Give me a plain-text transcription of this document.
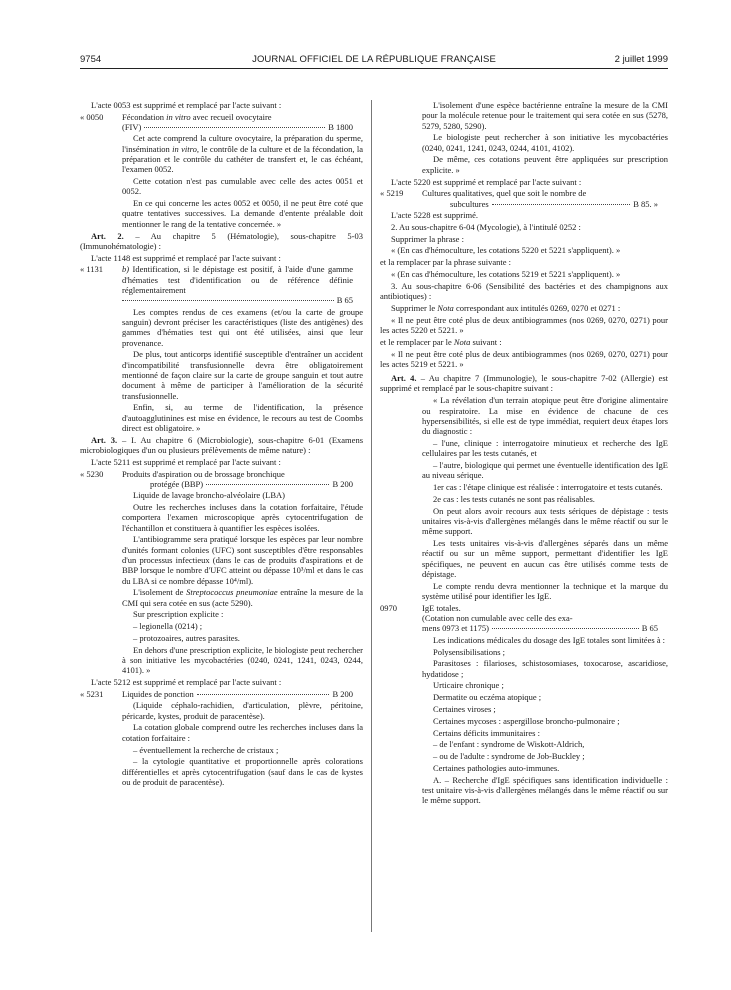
9754	JOURNAL OFFICIEL DE LA RÉPUBLIQUE FRANÇAISE	2 juillet 1999

L'acte 0053 est supprimé et remplacé par l'acte suivant :

« 0050	Fécondation in vitro avec recueil ovocytaire
(FIV)	B 1800

Cet acte comprend la culture ovocytaire, la préparation du sperme, l'insémination in vitro, le contrôle de la culture et de la fécondation, la préparation et le contrôle du cathéter de transfert et, le cas échéant, l'examen 0052.

Cette cotation n'est pas cumulable avec celle des actes 0051 et 0052.

En ce qui concerne les actes 0052 et 0050, il ne peut être coté que quatre tentatives successives. La demande d'entente préalable doit mentionner le rang de la tentative concernée. »

Art. 2. – Au chapitre 5 (Hématologie), sous-chapitre 5-03 (Immunohématologie) :

L'acte 1148 est supprimé et remplacé par l'acte suivant :

« 1131	b) Identification, si le dépistage est positif, à l'aide d'une gamme d'hématies test d'identification ou de référence définie réglementairement
B 65

Les comptes rendus de ces examens (et/ou la carte de groupe sanguin) devront préciser les caractéristiques (liste des antigènes) des gammes d'hématies test qui ont été utilisées, ainsi que leur provenance.

De plus, tout anticorps identifié susceptible d'entraîner un accident d'incompatibilité transfusionnelle devra être obligatoirement mentionné de façon claire sur la carte de groupe sanguin et tout autre document à même de participer à l'amélioration de la sécurité transfusionnelle.

Enfin, si, au terme de l'identification, la présence d'autoagglutinines est mise en évidence, le recours au test de Coombs direct est obligatoire. »

Art. 3. – I. Au chapitre 6 (Microbiologie), sous-chapitre 6-01 (Examens microbiologiques d'un ou plusieurs prélèvements de même nature) :

L'acte 5211 est supprimé et remplacé par l'acte suivant :

« 5230	Produits d'aspiration ou de brossage bronchique
protégée (BBP)	B 200

Liquide de lavage broncho-alvéolaire (LBA)

Outre les recherches incluses dans la cotation forfaitaire, l'étude comportera l'examen microscopique après cytocentrifugation de l'échantillon et constituera à quantifier les espèces isolées.

L'antibiogramme sera pratiqué lorsque les espèces par leur nombre d'unités formant colonies (UFC) sont susceptibles d'être responsables d'un processus infectieux (dans le cas de produits d'aspirations et de BBP lorsque le nombre d'UFC atteint ou dépasse 10³/ml et dans le cas du LBA si ce nombre dépasse 10⁴/ml).

L'isolement de Streptococcus pneumoniae entraîne la mesure de la CMI qui sera cotée en sus (acte 5290).

Sur prescription explicite :

– legionella (0214) ;

– protozoaires, autres parasites.

En dehors d'une prescription explicite, le biologiste peut rechercher à son initiative les mycobactéries (0240, 0241, 1241, 0243, 0244, 4101). »

L'acte 5212 est supprimé et remplacé par l'acte suivant :

« 5231	Liquides de ponction	B 200

(Liquide céphalo-rachidien, d'articulation, plèvre, péritoine, péricarde, kystes, produit de paracentèse).

La cotation globale comprend outre les recherches incluses dans la cotation forfaitaire :

– éventuellement la recherche de cristaux ;

– la cytologie quantitative et proportionnelle après colorations différentielles et après cytocentrifugation (sauf dans le cas de kystes ou de produit de paracentèse).

L'isolement d'une espèce bactérienne entraîne la mesure de la CMI pour la molécule retenue pour le traitement qui sera cotée en sus (5278, 5279, 5280, 5290).

Le biologiste peut rechercher à son initiative les mycobactéries (0240, 0241, 1241, 0243, 0244, 4101, 4102).

De même, ces cotations peuvent être appliquées sur prescription explicite. »

L'acte 5220 est supprimé et remplacé par l'acte suivant :

« 5219	Cultures qualitatives, quel que soit le nombre de
subcultures	B 85. »

L'acte 5228 est supprimé.

2. Au sous-chapitre 6-04 (Mycologie), à l'intitulé 0252 :

Supprimer la phrase :

« (En cas d'hémoculture, les cotations 5220 et 5221 s'appliquent). »

et la remplacer par la phrase suivante :

« (En cas d'hémoculture, les cotations 5219 et 5221 s'appliquent). »

3. Au sous-chapitre 6-06 (Sensibilité des bactéries et des champignons aux antibiotiques) :

Supprimer le Nota correspondant aux intitulés 0269, 0270 et 0271 :

« Il ne peut être coté plus de deux antibiogrammes (nos 0269, 0270, 0271) pour les actes 5220 et 5221. »

et le remplacer par le Nota suivant :

« Il ne peut être coté plus de deux antibiogrammes (nos 0269, 0270, 0271) pour les actes 5219 et 5221. »

Art. 4. – Au chapitre 7 (Immunologie), le sous-chapitre 7-02 (Allergie) est supprimé et remplacé par le sous-chapitre suivant :

« La révélation d'un terrain atopique peut être d'origine alimentaire ou respiratoire. La mise en évidence de chacune de ces hypersensibilités, si elle est de type immédiat, requiert deux étapes lors du diagnostic :

– l'une, clinique : interrogatoire minutieux et recherche des IgE cellulaires par les tests cutanés, et

– l'autre, biologique qui permet une éventuelle identification des IgE au niveau sérique.

1er cas : l'étape clinique est réalisée : interrogatoire et tests cutanés.

2e cas : les tests cutanés ne sont pas réalisables.

On peut alors avoir recours aux tests sériques de dépistage : tests unitaires vis-à-vis d'allergènes mélangés dans le même réactif ou sur le même support.

Les tests unitaires vis-à-vis d'allergènes séparés dans un même réactif ou sur un même support, permettant d'identifier les IgE spécifiques, ne peuvent en aucun cas être utilisés comme tests de dépistage.

Le compte rendu devra mentionner la technique et la marque du système utilisé pour identifier les IgE.

0970	IgE totales.
(Cotation non cumulable avec celle des exa-
mens 0973 et 1175)	B 65

Les indications médicales du dosage des IgE totales sont limitées à :

Polysensibilisations ;

Parasitoses : filarioses, schistosomiases, toxocarose, ascaridiose, hydatidose ;

Urticaire chronique ;

Dermatite ou eczéma atopique ;

Certaines viroses ;

Certaines mycoses : aspergillose broncho-pulmonaire ;

Certains déficits immunitaires :

– de l'enfant : syndrome de Wiskott-Aldrich,

– ou de l'adulte : syndrome de Job-Buckley ;

Certaines pathologies auto-immunes.

A. – Recherche d'IgE spécifiques sans identification individuelle : test unitaire vis-à-vis d'allergènes mélangés dans le même réactif ou sur le même support.
